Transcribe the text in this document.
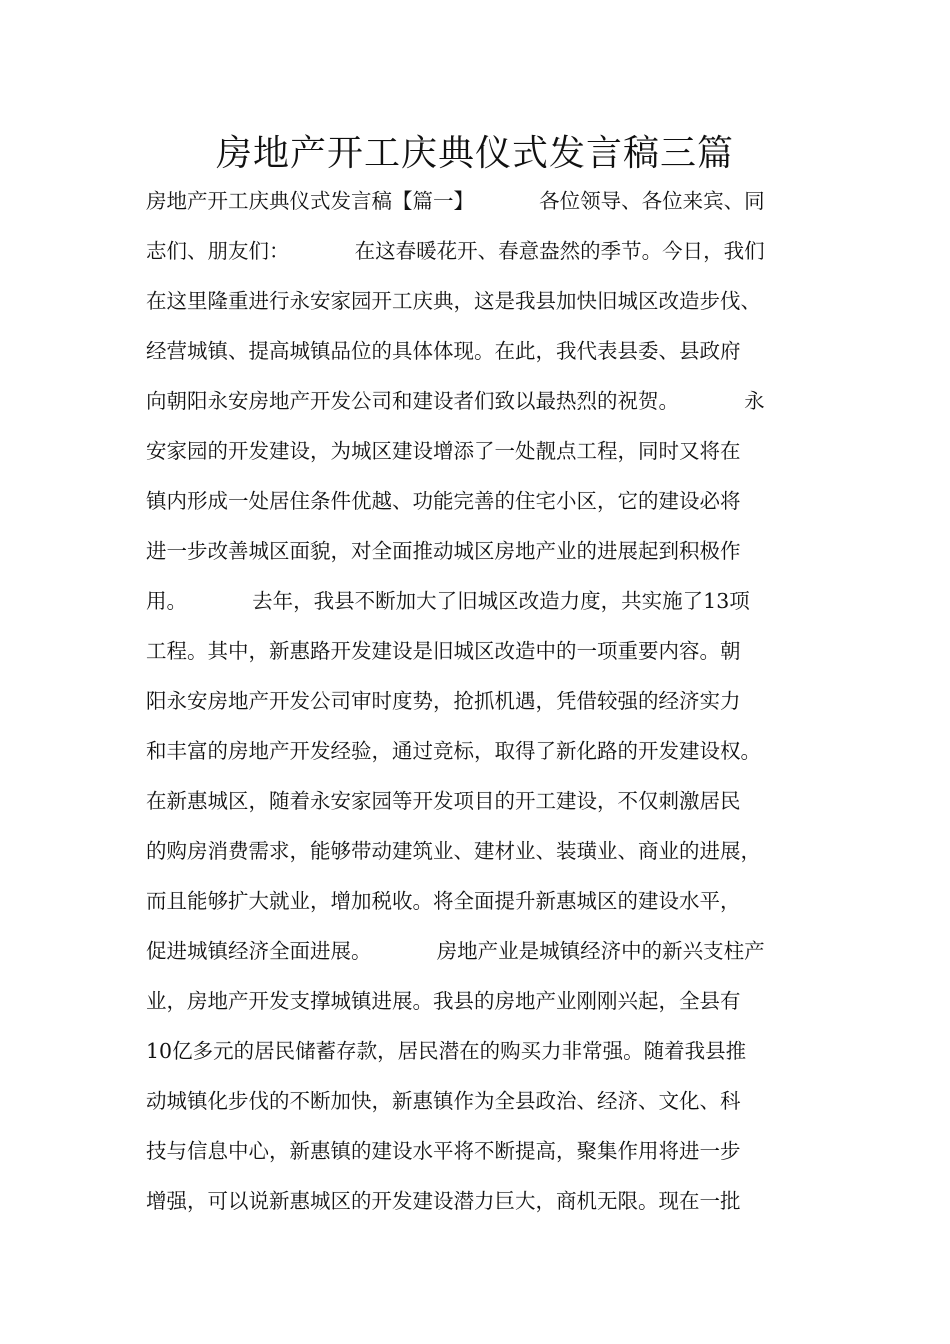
房地产开工庆典仪式发言稿三篇
房地产开工庆典仪式发言稿【篇一】          各位领导、各位来宾、同
志们、朋友们：          在这春暖花开、春意盎然的季节。今日，我们
在这里隆重进行永安家园开工庆典，这是我县加快旧城区改造步伐、
经营城镇、提高城镇品位的具体体现。在此，我代表县委、县政府
向朝阳永安房地产开发公司和建设者们致以最热烈的祝贺。          永
安家园的开发建设，为城区建设增添了一处靓点工程，同时又将在
镇内形成一处居住条件优越、功能完善的住宅小区，它的建设必将
进一步改善城区面貌，对全面推动城区房地产业的进展起到积极作
用。          去年，我县不断加大了旧城区改造力度，共实施了13项
工程。其中，新惠路开发建设是旧城区改造中的一项重要内容。朝
阳永安房地产开发公司审时度势，抢抓机遇，凭借较强的经济实力
和丰富的房地产开发经验，通过竞标，取得了新化路的开发建设权。
在新惠城区，随着永安家园等开发项目的开工建设，不仅刺激居民
的购房消费需求，能够带动建筑业、建材业、装璜业、商业的进展，
而且能够扩大就业，增加税收。将全面提升新惠城区的建设水平，
促进城镇经济全面进展。          房地产业是城镇经济中的新兴支柱产
业，房地产开发支撑城镇进展。我县的房地产业刚刚兴起，全县有
10亿多元的居民储蓄存款，居民潜在的购买力非常强。随着我县推
动城镇化步伐的不断加快，新惠镇作为全县政治、经济、文化、科
技与信息中心，新惠镇的建设水平将不断提高，聚集作用将进一步
增强，可以说新惠城区的开发建设潜力巨大，商机无限。现在一批
